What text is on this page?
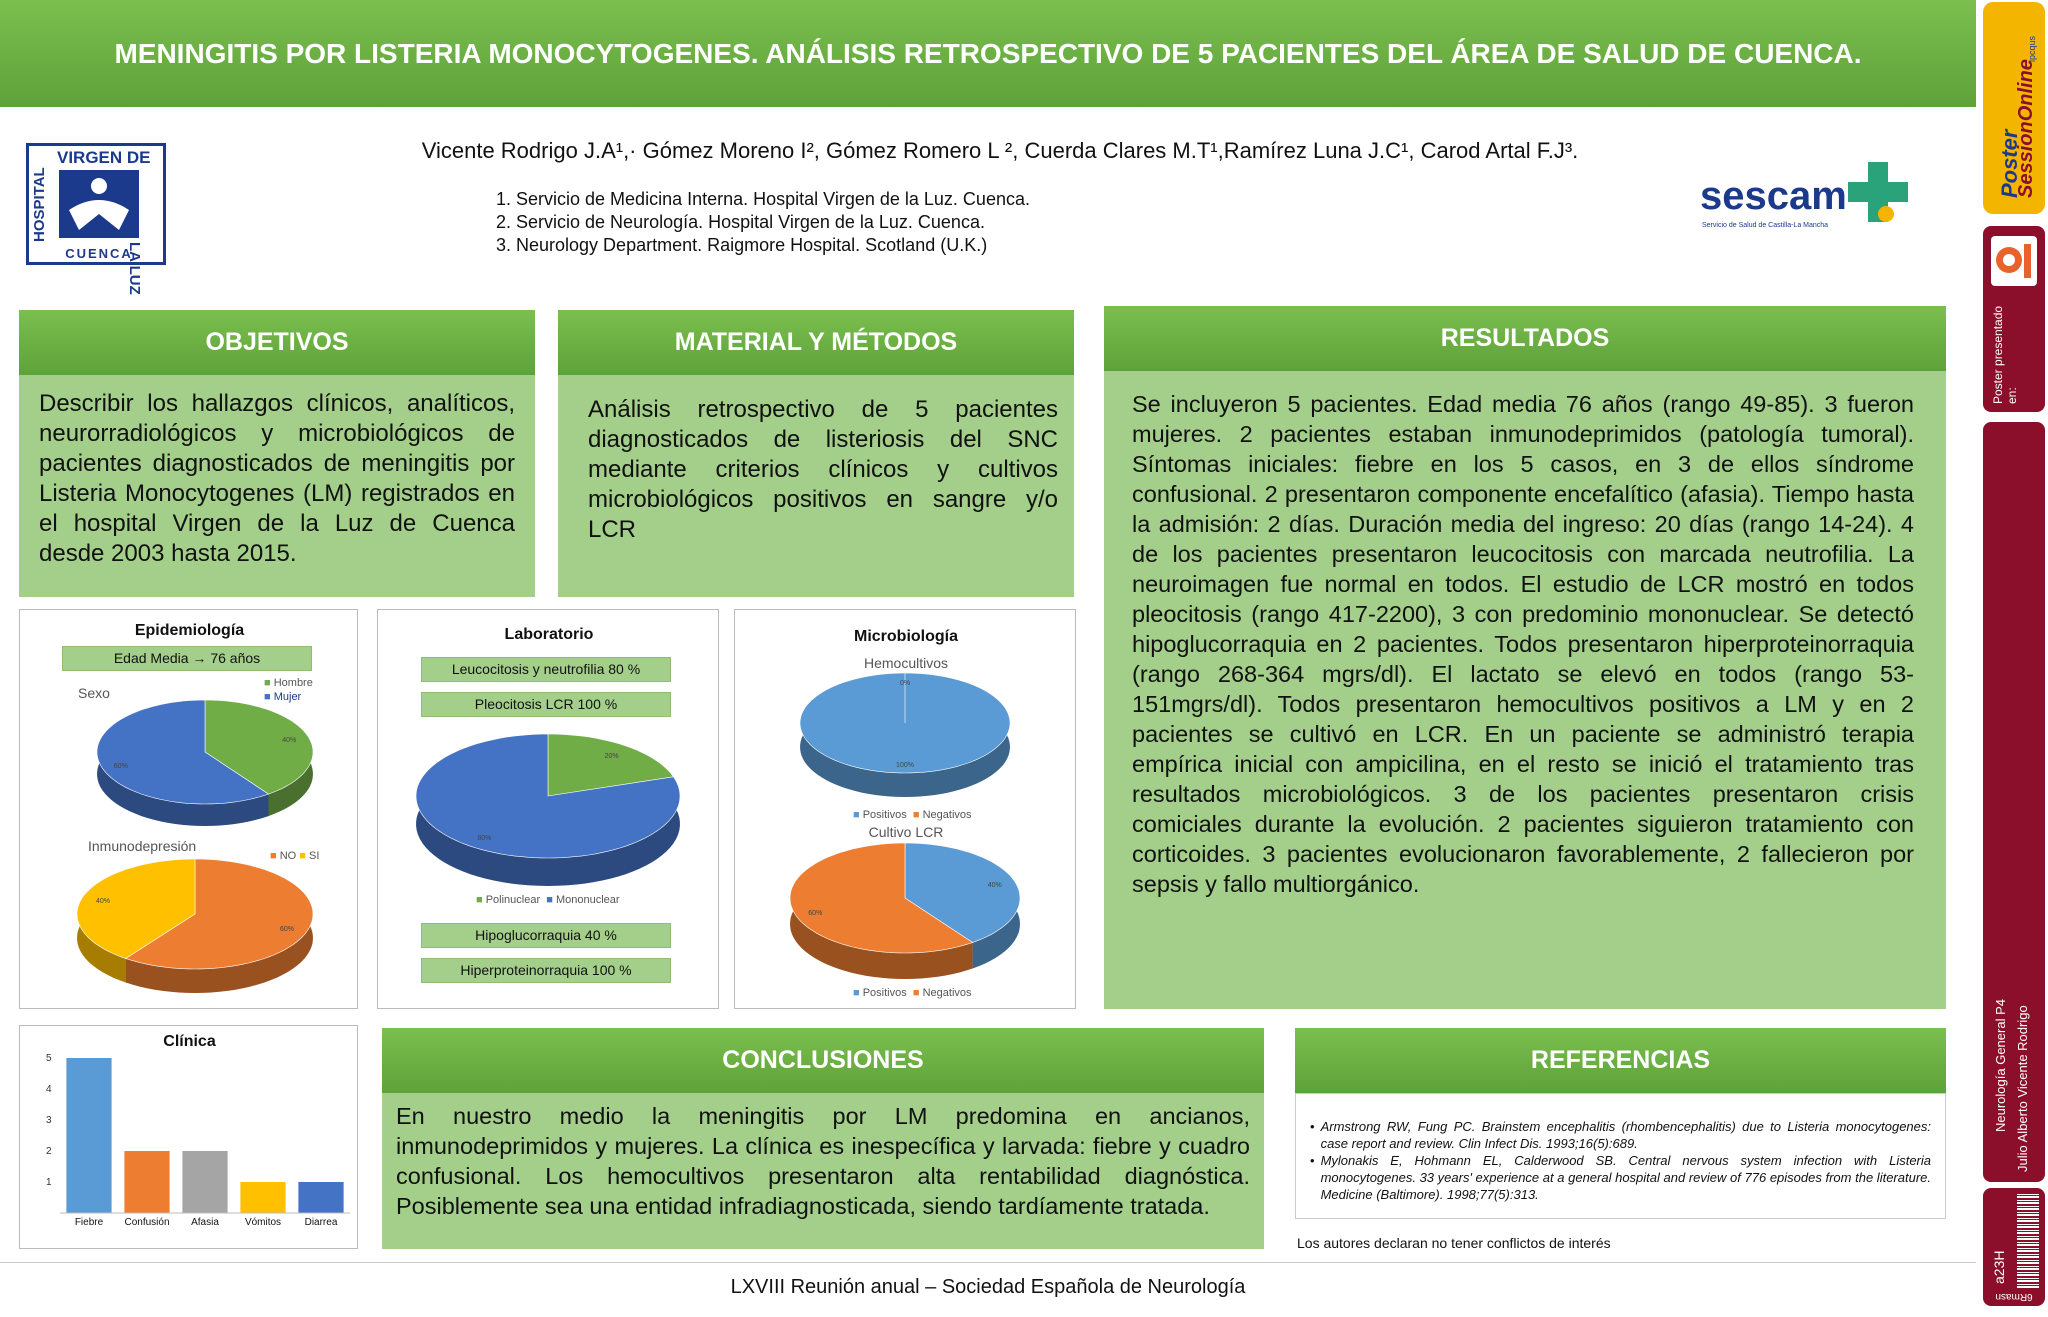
MENINGITIS POR LISTERIA MONOCYTOGENES. ANÁLISIS RETROSPECTIVO DE 5 PACIENTES DEL ÁREA DE SALUD DE CUENCA.
HOSPITAL
VIRGEN DE
LA LUZ
CUENCA
Vicente Rodrigo J.A¹,· Gómez Moreno I², Gómez Romero L ², Cuerda Clares M.T¹,Ramírez Luna J.C¹, Carod Artal F.J³.
1. Servicio de Medicina Interna. Hospital Virgen de la Luz. Cuenca.
2. Servicio de Neurología. Hospital Virgen de la Luz. Cuenca.
3. Neurology Department. Raigmore Hospital. Scotland (U.K.)
sescam
Servicio de Salud de Castilla-La Mancha
OBJETIVOS
Describir los hallazgos clínicos, analíticos, neurorradiológicos y microbiológicos de pacientes diagnosticados de meningitis por Listeria Monocytogenes (LM) registrados en el hospital Virgen de la Luz de Cuenca desde 2003 hasta 2015.
MATERIAL Y MÉTODOS
Análisis retrospectivo de 5 pacientes diagnosticados de listeriosis del SNC mediante criterios clínicos y cultivos microbiológicos positivos en sangre y/o LCR
RESULTADOS
Se incluyeron 5 pacientes. Edad media 76 años (rango 49-85). 3 fueron mujeres. 2 pacientes estaban inmunodeprimidos (patología tumoral). Síntomas iniciales: fiebre en los 5 casos, en 3 de ellos síndrome confusional. 2 presentaron componente encefalítico (afasia). Tiempo hasta la admisión: 2 días. Duración media del ingreso: 20 días (rango 14-24). 4 de los pacientes presentaron leucocitosis con marcada neutrofilia. La neuroimagen fue normal en todos. El estudio de LCR mostró en todos pleocitosis (rango 417-2200), 3 con predominio mononuclear. Se detectó hipoglucorraquia en 2 pacientes. Todos presentaron hiperproteinorraquia (rango 268-364 mgrs/dl). El lactato se elevó en todos (rango 53-151mgrs/dl). Todos presentaron hemocultivos positivos a LM y en 2 pacientes se cultivó en LCR. En un paciente se administró terapia empírica inicial con ampicilina, en el resto se inició el tratamiento tras resultados microbiológicos. 3 de los pacientes presentaron crisis comiciales durante la evolución. 2 pacientes siguieron tratamiento con corticoides. 3 pacientes evolucionaron favorablemente, 2 fallecieron por sepsis y fallo multiorgánico.
Epidemiología
Edad Media → 76 años
Sexo
■ Hombre
■ Mujer
40%
60%
Inmunodepresión
■ NO ■ SI
60%
40%
Laboratorio
Leucocitosis y neutrofilia 80 %
Pleocitosis LCR 100 %
20%
80%
■ Polinuclear ■ Mononuclear
Hipoglucorraquia 40 %
Hiperproteinorraquia 100 %
Microbiología
Hemocultivos
100%
0%
■ Positivos ■ Negativos
Cultivo LCR
40%
60%
■ Positivos ■ Negativos
Clínica
1
2
3
4
5
Fiebre Confusión Afasia	Vómitos Diarrea
CONCLUSIONES
En nuestro medio la meningitis por LM predomina en ancianos, inmunodeprimidos y mujeres. La clínica es inespecífica y larvada: fiebre y cuadro confusional. Los hemocultivos presentaron alta rentabilidad diagnóstica. Posiblemente sea una entidad infradiagnosticada, siendo tardíamente tratada.
REFERENCIAS
• Armstrong RW, Fung PC. Brainstem encephalitis (rhombencephalitis) due to Listeria monocytogenes: case report and review. Clin Infect Dis. 1993;16(5):689.
• Mylonakis E, Hohmann EL, Calderwood SB. Central nervous system infection with Listeria monocytogenes. 33 years' experience at a general hospital and review of 776 episodes from the literature. Medicine (Baltimore). 1998;77(5):313.
Los autores declaran no tener conflictos de interés
LXVIII Reunión anual – Sociedad Española de Neurología
Poster
SessionOnline
ipcqus
Poster presentado en:
Neurología General P4 Julio Alberto Vicente Rodrigo
a23H
6Rmasn
